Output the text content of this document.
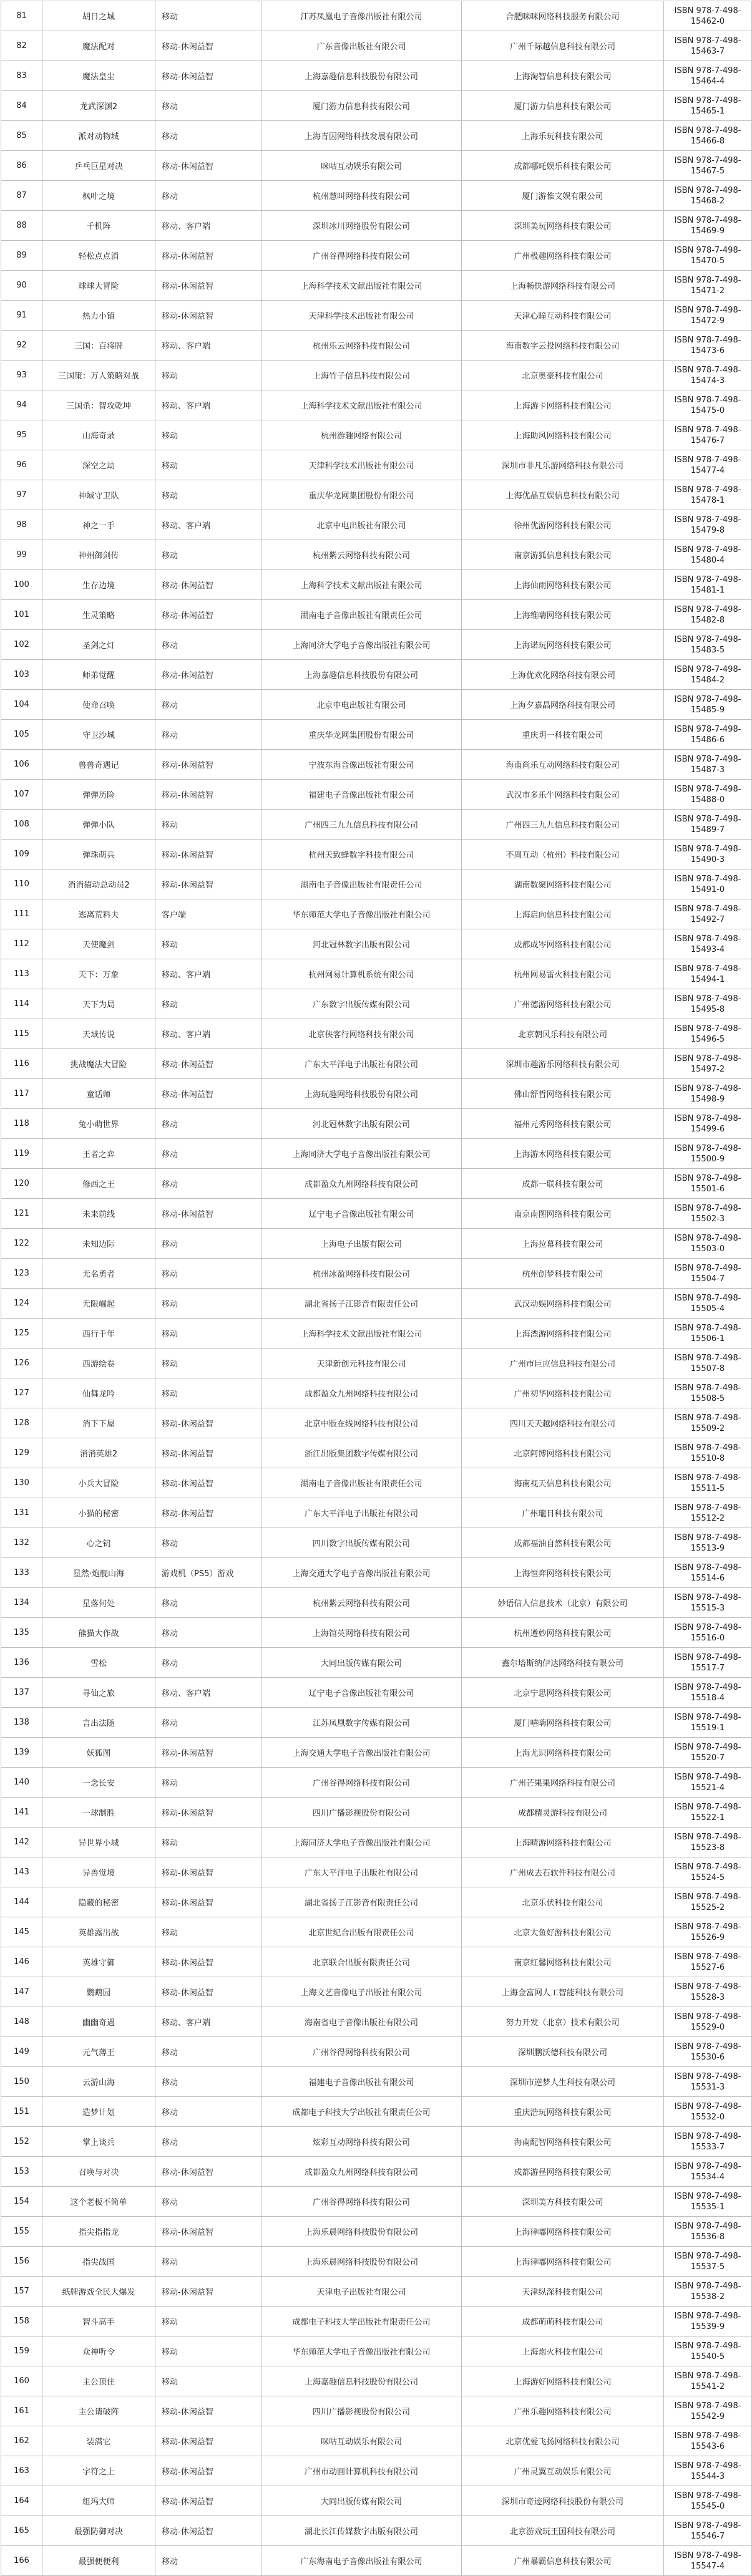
81	胡日之城	移动	江苏凤凰电子音像出版社有限公司	合肥咪咪网络科技服务有限公司	ISBN 978-7-498-15462-0
82	魔法配对	移动-休闲益智	广东音像出版社有限公司	广州千际越信息科技有限公司	ISBN 978-7-498-15463-7
83	魔法皇尘	移动-休闲益智	上海嘉趣信息科技股份有限公司	上海淘智信息科技有限公司	ISBN 978-7-498-15464-4
84	龙武深渊2	移动	厦门游力信息科技有限公司	厦门游力信息科技有限公司	ISBN 978-7-498-15465-1
85	派对动物城	移动	上海青因网络科技发展有限公司	上海乐玩科技有限公司	ISBN 978-7-498-15466-8
86	乒乓巨星对决	移动-休闲益智	咪咕互动娱乐有限公司	成都哪吒娱乐科技有限公司	ISBN 978-7-498-15467-5
87	枫叶之境	移动	杭州慧叫网络科技有限公司	厦门游惟文娱有限公司	ISBN 978-7-498-15468-2
88	千机阵	移动、客户端	深圳冰川网络股份有限公司	深圳美玩网络科技有限公司	ISBN 978-7-498-15469-9
89	轻松点点消	移动-休闲益智	广州谷得网络科技有限公司	广州极趣网络科技有限公司	ISBN 978-7-498-15470-5
90	球球大冒险	移动-休闲益智	上海科学技术文献出版社有限公司	上海畅快游网络科技有限公司	ISBN 978-7-498-15471-2
91	热力小镇	移动-休闲益智	天津科学技术出版社有限公司	天津心瞳互动科技有限公司	ISBN 978-7-498-15472-9
92	三国：百将牌	移动、客户端	杭州乐云网络科技有限公司	海南数字云投网络科技有限公司	ISBN 978-7-498-15473-6
93	三国策：万人策略对战	移动	上海竹子信息科技有限公司	北京奥豪科技有限公司	ISBN 978-7-498-15474-3
94	三国杀：智攻乾坤	移动、客户端	上海科学技术文献出版社有限公司	上海游卡网络科技有限公司	ISBN 978-7-498-15475-0
95	山海奇录	移动	杭州游趣网络有限公司	上海助风网络科技有限公司	ISBN 978-7-498-15476-7
96	深空之劫	移动	天津科学技术出版社有限公司	深圳市非凡乐游网络科技有限公司	ISBN 978-7-498-15477-4
97	神域守卫队	移动	重庆华龙网集团股份有限公司	上海优晶互娱信息科技有限公司	ISBN 978-7-498-15478-1
98	神之一手	移动、客户端	北京中电出版社有限公司	徐州优游网络科技有限公司	ISBN 978-7-498-15479-8
99	神州御剑传	移动	杭州紫云网络科技有限公司	南京游狐信息科技有限公司	ISBN 978-7-498-15480-4
100	生存边境	移动-休闲益智	上海科学技术文献出版社有限公司	上海仙雨网络科技有限公司	ISBN 978-7-498-15481-1
101	生灵策略	移动-休闲益智	湖南电子音像出版社有限责任公司	上海维嗨网络科技有限公司	ISBN 978-7-498-15482-8
102	圣剑之灯	移动	上海同济大学电子音像出版社有限公司	上海诺玩网络科技有限公司	ISBN 978-7-498-15483-5
103	师弟觉醒	移动-休闲益智	上海嘉趣信息科技股份有限公司	上海优欢化网络科技有限公司	ISBN 978-7-498-15484-2
104	使命召唤	移动	北京中电出版社有限公司	上海夕嘉晶网络科技有限公司	ISBN 978-7-498-15485-9
105	守卫沙城	移动	重庆华龙网集团股份有限公司	重庆玥一科技有限公司	ISBN 978-7-498-15486-6
106	兽兽奇遇记	移动-休闲益智	宁波东海音像出版社有限公司	海南尚乐互动网络科技有限公司	ISBN 978-7-498-15487-3
107	弹弹历险	移动-休闲益智	福建电子音像出版社有限公司	武汉市多乐牛网络科技有限公司	ISBN 978-7-498-15488-0
108	弹弹小队	移动	广州四三九九信息科技有限公司	广州四三九九信息科技有限公司	ISBN 978-7-498-15489-7
109	弹珠萌兵	移动-休闲益智	杭州天致蜂数字科技有限公司	不周互动（杭州）科技有限公司	ISBN 978-7-498-15490-3
110	消消猫动总动员2	移动-休闲益智	湖南电子音像出版社有限责任公司	湖南数聚网络科技有限公司	ISBN 978-7-498-15491-0
111	逃离荒料夫	客户端	华东师范大学电子音像出版社有限公司	上海启向信息科技有限公司	ISBN 978-7-498-15492-7
112	天使魔剑	移动	河北冠林数字出版有限公司	成都成岑网络科技有限公司	ISBN 978-7-498-15493-4
113	天下：万象	移动、客户端	杭州网易计算机系统有限公司	杭州网易雷火科技有限公司	ISBN 978-7-498-15494-1
114	天下为局	移动	广东数字出版传媒有限公司	广州德游网络科技有限公司	ISBN 978-7-498-15495-8
115	天域传说	移动、客户端	北京侠客行网络科技有限公司	北京朝风乐科技有限公司	ISBN 978-7-498-15496-5
116	挑战魔法大冒险	移动-休闲益智	广东大平洋电子出版社有限公司	深圳市趣游乐网络科技有限公司	ISBN 978-7-498-15497-2
117	童话师	移动-休闲益智	上海玩趣网络科技股份有限公司	佛山舒哲网络科技有限公司	ISBN 978-7-498-15498-9
118	兔小萌世界	移动	河北冠林数字出版有限公司	福州元秀网络科技有限公司	ISBN 978-7-498-15499-6
119	王者之弈	移动	上海同济大学电子音像出版社有限公司	上海游木网络科技有限公司	ISBN 978-7-498-15500-9
120	修西之王	移动	成都盈众九州网络科技有限公司	成都一联科技有限公司	ISBN 978-7-498-15501-6
121	未来前线	移动-休闲益智	辽宁电子音像出版社有限公司	南京南图网络科技有限公司	ISBN 978-7-498-15502-3
122	未知边际	移动	上海电子出版有限公司	上海拉幕科技有限公司	ISBN 978-7-498-15503-0
123	无名勇者	移动	杭州冰盈网络科技有限公司	杭州创梦科技有限公司	ISBN 978-7-498-15504-7
124	无限崛起	移动	湖北省扬子江影音有限责任公司	武汉动娱网络科技有限公司	ISBN 978-7-498-15505-4
125	西行千年	移动	上海科学技术文献出版社有限公司	上海漂游网络科技有限公司	ISBN 978-7-498-15506-1
126	西游绘卷	移动	天津新创元科技有限公司	广州市巨应信息科技有限公司	ISBN 978-7-498-15507-8
127	仙舞龙吟	移动	成都盈众九州网络科技有限公司	广州初华网络科技有限公司	ISBN 978-7-498-15508-5
128	消下下屋	移动-休闲益智	北京中版在线网络科技有限公司	四川天天越网络科技有限公司	ISBN 978-7-498-15509-2
129	消消英雄2	移动-休闲益智	浙江出版集团数字传媒有限公司	北京阿博网络科技有限公司	ISBN 978-7-498-15510-8
130	小兵大冒险	移动-休闲益智	湖南电子音像出版社有限责任公司	海南视天信息科技有限公司	ISBN 978-7-498-15511-5
131	小猫的秘密	移动-休闲益智	广东大平洋电子出版社有限公司	广州瓏目科技有限公司	ISBN 978-7-498-15512-2
132	心之钥	移动	四川数字出版传媒有限公司	成都福油自然科技有限公司	ISBN 978-7-498-15513-9
133	星然·炮舰山海	游戏机（PS5）游戏	上海交通大学电子音像出版社有限公司	上海恒弈网络科技有限公司	ISBN 978-7-498-15514-6
134	星落何处	移动	杭州紫云网络科技有限公司	妙语信人信息技术（北京）有限公司	ISBN 978-7-498-15515-3
135	熊猫大作战	移动	上海馆英网络科技有限公司	杭州遵妙网络科技有限公司	ISBN 978-7-498-15516-0
136	雪松	移动	大同出版传媒有限公司	鑫尔塔斯纳伊达网络科技有限公司	ISBN 978-7-498-15517-7
137	寻仙之旅	移动、客户端	辽宁电子音像出版社有限公司	北京宁思网络科技有限公司	ISBN 978-7-498-15518-4
138	言出法随	移动	江苏凤凰数字传媒有限公司	厦门嘻嗨网络科技有限公司	ISBN 978-7-498-15519-1
139	妖狐图	移动-休闲益智	上海交通大学电子音像出版社有限公司	上海尤识网络科技有限公司	ISBN 978-7-498-15520-7
140	一念长安	移动	广州谷得网络科技有限公司	广州芒果果网络科技有限公司	ISBN 978-7-498-15521-4
141	一球制胜	移动-休闲益智	四川广播影视股份有限公司	成都精灵游科技有限公司	ISBN 978-7-498-15522-1
142	异世界小城	移动	上海同济大学电子音像出版社有限公司	上海晴游网络科技有限公司	ISBN 978-7-498-15523-8
143	异兽觉境	移动-休闲益智	广东大平洋电子出版社有限公司	广州成去石软件科技有限公司	ISBN 978-7-498-15524-5
144	隐藏的秘密	移动-休闲益智	湖北省扬子江影音有限责任公司	北京乐伏科技有限公司	ISBN 978-7-498-15525-2
145	英雄露出战	移动	北京世纪合出版有限责任公司	北京大鱼好游科技有限公司	ISBN 978-7-498-15526-9
146	英雄守御	移动-休闲益智	北京联合出版有限责任公司	南京红馨网络科技有限公司	ISBN 978-7-498-15527-6
147	鹦鹉园	移动-休闲益智	上海文艺音像电子出版社有限公司	上海金富网人工智能科技有限公司	ISBN 978-7-498-15528-3
148	幽幽奇遇	移动、客户端	海南省电子音像出版社有限公司	努力开发（北京）技术有限公司	ISBN 978-7-498-15529-0
149	元气薄王	移动	广州谷得网络科技有限公司	深圳鹏沃德科技有限公司	ISBN 978-7-498-15530-6
150	云游山海	移动	福建电子音像出版社有限公司	深圳市逆梦人生科技有限公司	ISBN 978-7-498-15531-3
151	造梦计划	移动	成都电子科技大学出版社有限责任公司	重庆浩玩网络科技有限公司	ISBN 978-7-498-15532-0
152	掌上谈兵	移动	炫彩互动网络科技有限公司	海南配智网络科技有限公司	ISBN 978-7-498-15533-7
153	召唤与对决	移动-休闲益智	成都盈众九州网络科技有限公司	成都游昼网络科技有限公司	ISBN 978-7-498-15534-4
154	这个老板不简单	移动	广州谷得网络科技有限公司	深圳美方科技有限公司	ISBN 978-7-498-15535-1
155	指尖指指龙	移动-休闲益智	上海乐晨网络科技股份有限公司	上海律嘟网络科技有限公司	ISBN 978-7-498-15536-8
156	指尖战国	移动	上海乐晨网络科技股份有限公司	上海律嘟网络科技有限公司	ISBN 978-7-498-15537-5
157	纸牌游戏全民大爆发	移动-休闲益智	天津电子出版社有限公司	天津纵深科技有限公司	ISBN 978-7-498-15538-2
158	智斗高手	移动	成都电子科技大学出版社有限责任公司	成都萌萌科技有限公司	ISBN 978-7-498-15539-9
159	众神听令	移动	华东师范大学电子音像出版社有限公司	上海炮火科技有限公司	ISBN 978-7-498-15540-5
160	主公顶住	移动	上海嘉趣信息科技股份有限公司	上海游好网络科技有限公司	ISBN 978-7-498-15541-2
161	主公请破阵	移动-休闲益智	四川广播影视股份有限公司	广州乐趣网络科技有限公司	ISBN 978-7-498-15542-9
162	装满它	移动-休闲益智	咪咕互动娱乐有限公司	北京优爱飞扬网络科技有限公司	ISBN 978-7-498-15543-6
163	字符之上	移动-休闲益智	广州市动画计算机科技有限公司	广州灵翼互动娱乐有限公司	ISBN 978-7-498-15544-3
164	组玛大师	移动-休闲益智	大同出版传媒有限公司	深圳市奇迹网络科技股份有限公司	ISBN 978-7-498-15545-0
165	最强防御对决	移动-休闲益智	湖北长江传媒数字出版有限公司	北京游戏玩王国科技有限公司	ISBN 978-7-498-15546-7
166	最强便便利	移动	广东海南电子音像出版社有限公司	广州暴霸信息科技有限公司	ISBN 978-7-498-15547-4
